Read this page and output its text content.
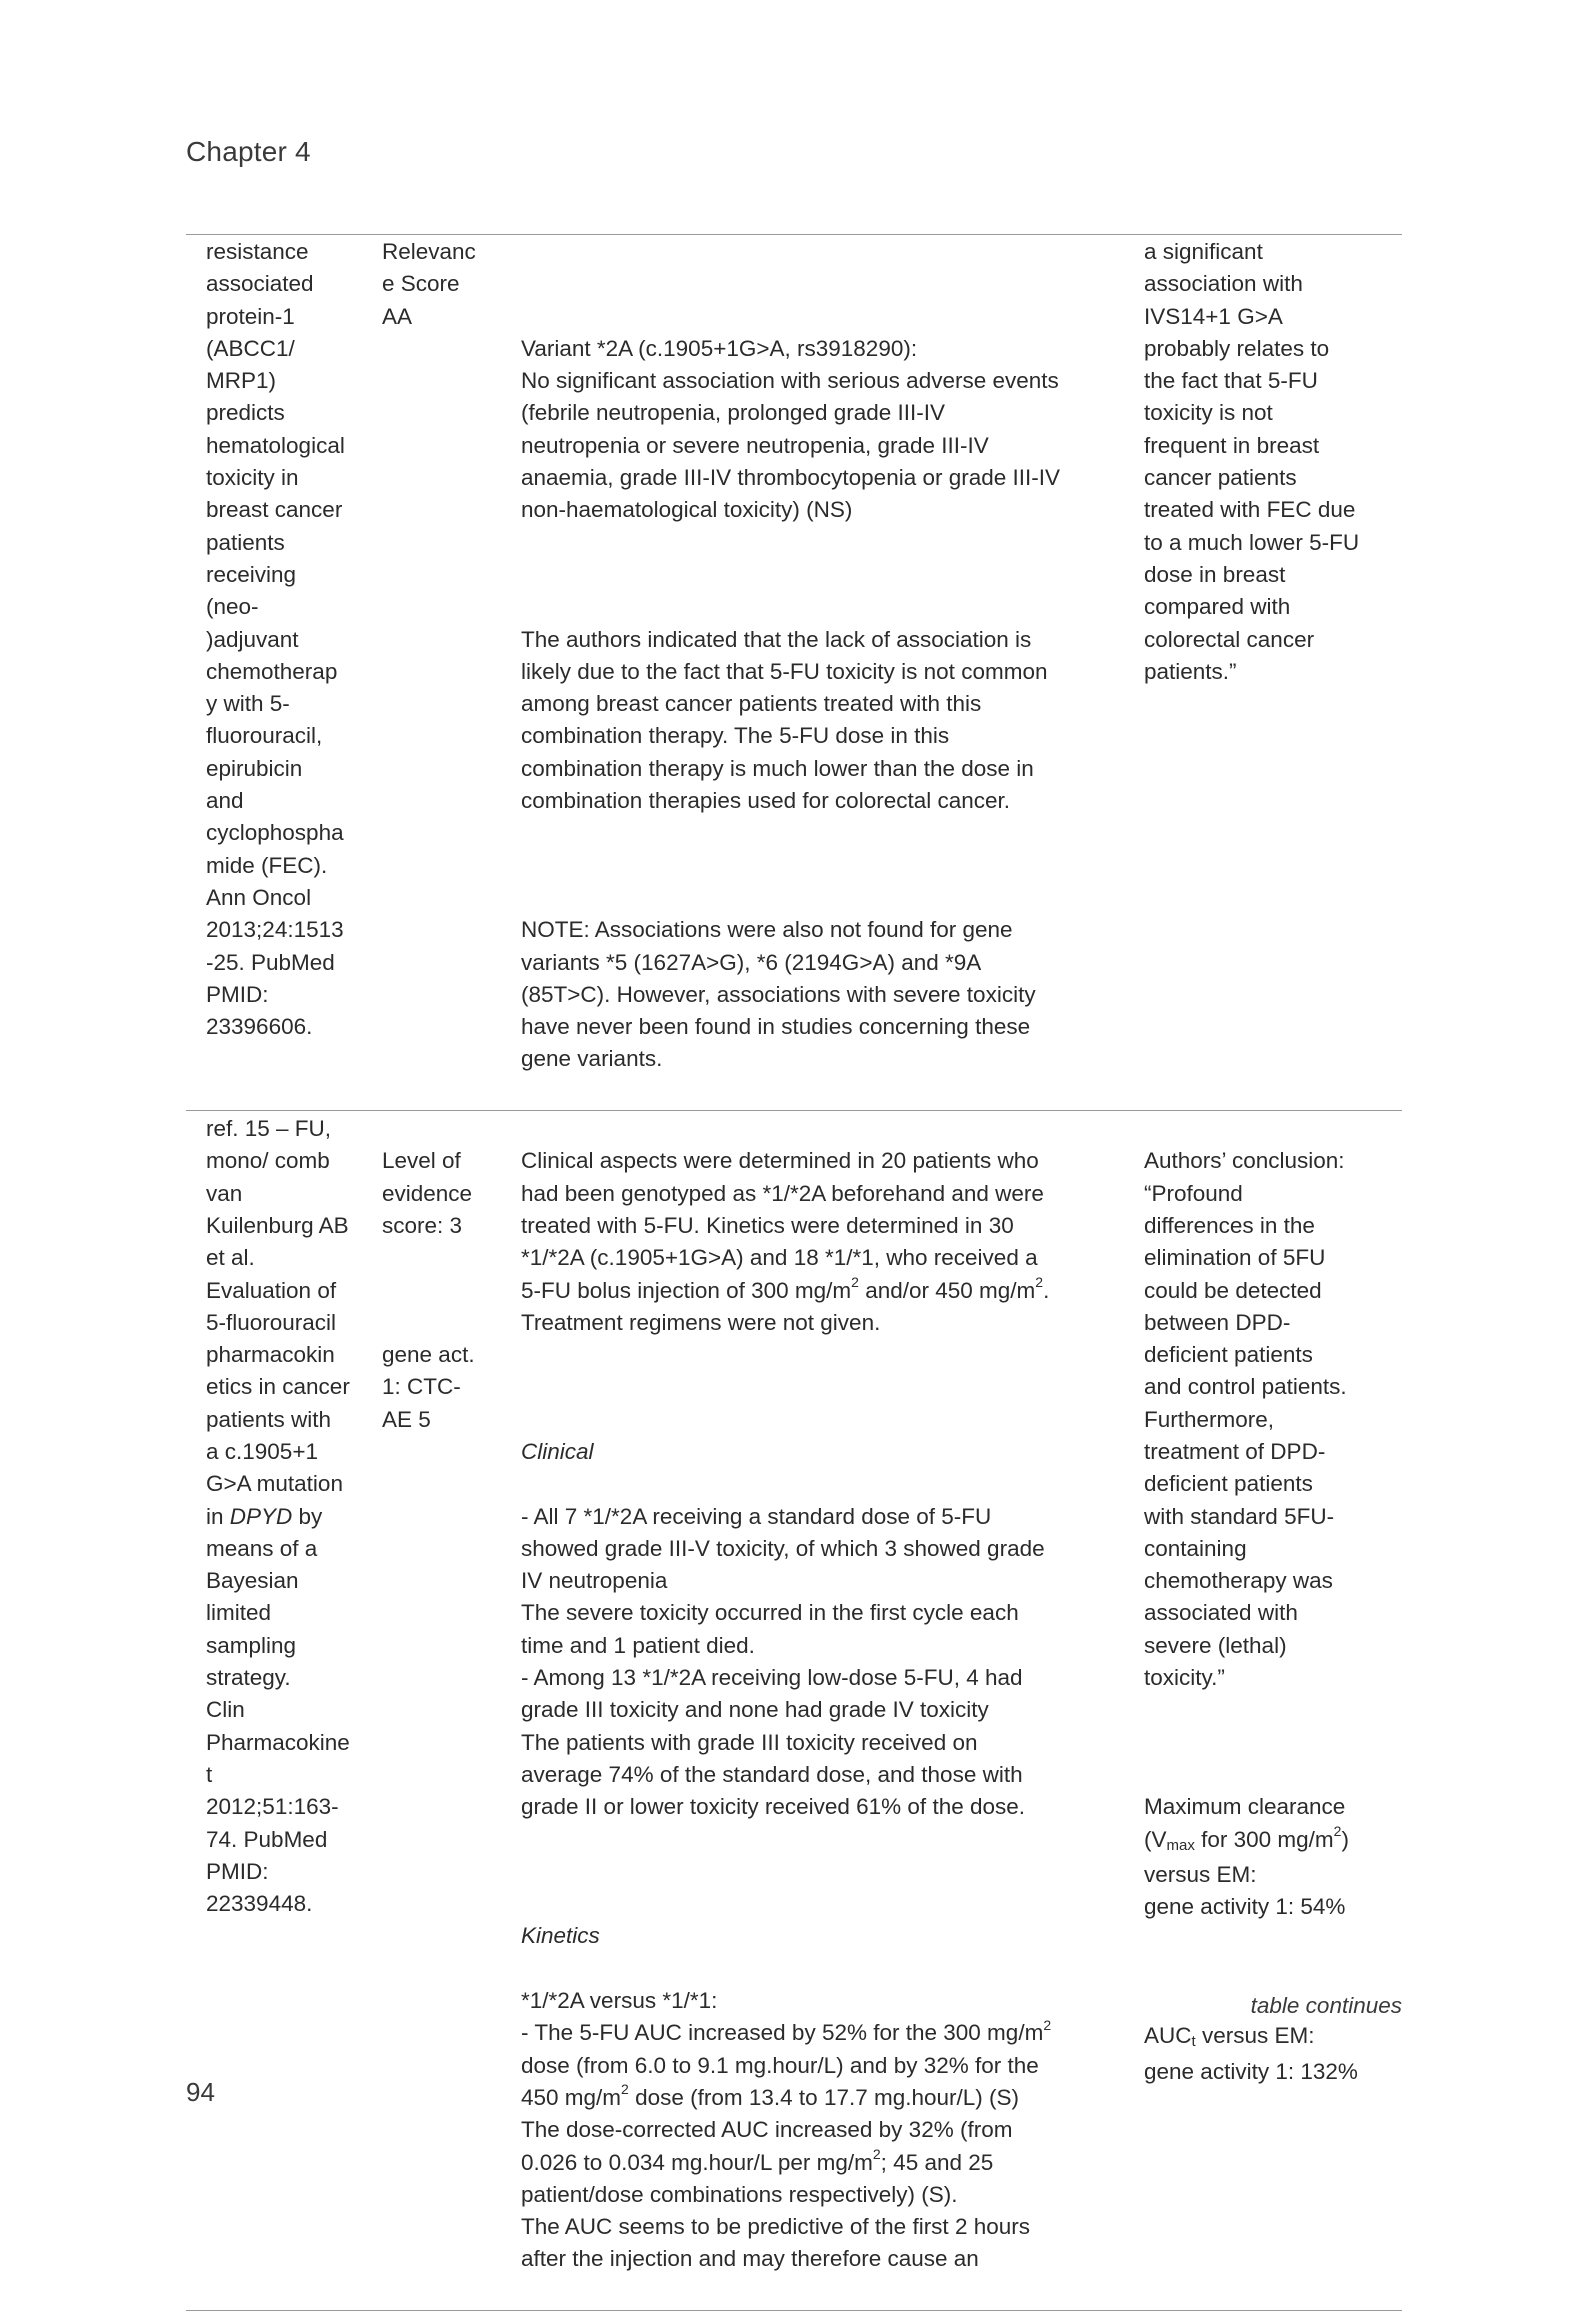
Chapter 4
resistance
associated
protein-1
(ABCC1/
MRP1)
predicts
hematological
toxicity in
breast cancer
patients
receiving
(neo-
)adjuvant
chemotherap
y with 5-
fluorouracil,
epirubicin
and
cyclophospha
mide (FEC).
Ann Oncol
2013;24:1513
-25. PubMed
PMID:
23396606.
Relevanc
e Score
AA

Variant *2A (c.1905+1G>A, rs3918290):
No significant association with serious adverse events
(febrile neutropenia, prolonged grade III-IV
neutropenia or severe neutropenia, grade III-IV
anaemia, grade III-IV thrombocytopenia or grade III-IV
non-haematological toxicity) (NS)

The authors indicated that the lack of association is
likely due to the fact that 5-FU toxicity is not common
among breast cancer patients treated with this
combination therapy. The 5-FU dose in this
combination therapy is much lower than the dose in
combination therapies used for colorectal cancer.

NOTE: Associations were also not found for gene
variants *5 (1627A>G), *6 (2194G>A) and *9A
(85T>C). However, associations with severe toxicity
have never been found in studies concerning these
gene variants.

a significant
association with
IVS14+1 G>A
probably relates to
the fact that 5-FU
toxicity is not
frequent in breast
cancer patients
treated with FEC due
to a much lower 5-FU
dose in breast
compared with
colorectal cancer
patients.”
ref. 15 – FU,
mono/ comb
van
Kuilenburg AB
et al.
Evaluation of
5-fluorouracil
pharmacokin
etics in cancer
patients with
a c.1905+1
G>A mutation
in DPYD by
means of a
Bayesian
limited
sampling
strategy.
Clin
Pharmacokine
t
2012;51:163-
74. PubMed
PMID:
22339448.

Level of
evidence
score: 3

gene act.
1: CTC-
AE 5

Clinical aspects were determined in 20 patients who
had been genotyped as *1/*2A beforehand and were
treated with 5-FU. Kinetics were determined in 30
*1/*2A (c.1905+1G>A) and 18 *1/*1, who received a
5-FU bolus injection of 300 $mg/m^2$ and/or 450 $mg/m^2$.
Treatment regimens were not given.

Clinical

- All 7 *1/*2A receiving a standard dose of 5-FU
showed grade III-V toxicity, of which 3 showed grade
IV neutropenia
The severe toxicity occurred in the first cycle each
time and 1 patient died.
- Among 13 *1/*2A receiving low-dose 5-FU, 4 had
grade III toxicity and none had grade IV toxicity
The patients with grade III toxicity received on
average 74% of the standard dose, and those with
grade II or lower toxicity received 61% of the dose.

Kinetics

*1/*2A versus *1/*1:
- The 5-FU AUC increased by 52% for the 300 $mg/m^2$
dose (from 6.0 to 9.1 mg.hour/L) and by 32% for the
450 $mg/m^2$ dose (from 13.4 to 17.7 mg.hour/L) (S)
The dose-corrected AUC increased by 32% (from
0.026 to 0.034 mg.hour/L per $mg/m^2$; 45 and 25
patient/dose combinations respectively) (S).
The AUC seems to be predictive of the first 2 hours
after the injection and may therefore cause an

Authors’ conclusion:
“Profound
differences in the
elimination of 5FU
could be detected
between DPD-
deficient patients
and control patients.
Furthermore,
treatment of DPD-
deficient patients
with standard 5FU-
containing
chemotherapy was
associated with
severe (lethal)
toxicity.”

Maximum clearance
(Vmax for 300 $mg/m^2$)
versus EM:
gene activity 1: 54%

AUCt versus EM:
gene activity 1: 132%

table continues
94
